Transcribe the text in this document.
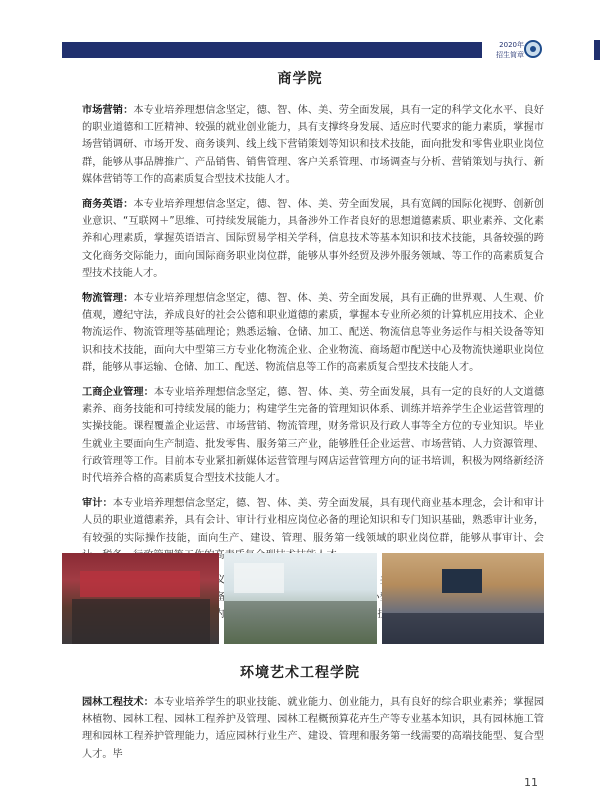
2020年
招生简章
商学院

市场营销：本专业培养理想信念坚定，德、智、体、美、劳全面发展，具有一定的科学文化水平、良好的职业道德和工匠精神、较强的就业创业能力，具有支撑终身发展、适应时代要求的能力素质，掌握市场营销调研、市场开发、商务谈判、线上线下营销策划等知识和技术技能，面向批发和零售业职业岗位群，能够从事品牌推广、产品销售、销售管理、客户关系管理、市场调查与分析、营销策划与执行、新媒体营销等工作的高素质复合型技术技能人才。

商务英语：本专业培养理想信念坚定，德、智、体、美、劳全面发展，具有宽阔的国际化视野、创新创业意识、“互联网＋”思维、可持续发展能力，具备涉外工作者良好的思想道德素质、职业素养、文化素养和心理素质，掌握英语语言、国际贸易学相关学科，信息技术等基本知识和技术技能，具备较强的跨文化商务交际能力，面向国际商务职业岗位群，能够从事外经贸及涉外服务领域、等工作的高素质复合型技术技能人才。

物流管理：本专业培养理想信念坚定，德、智、体、美、劳全面发展，具有正确的世界观、人生观、价值观，遵纪守法，养成良好的社会公德和职业道德的素质，掌握本专业所必须的计算机应用技术、企业物流运作、物流管理等基础理论；熟悉运输、仓储、加工、配送、物流信息等业务运作与相关设备等知识和技术技能，面向大中型第三方专业化物流企业、企业物流、商场超市配送中心及物流快递职业岗位群，能够从事运输、仓储、加工、配送、物流信息等工作的高素质复合型技术技能人才。

工商企业管理：本专业培养理想信念坚定，德、智、体、美、劳全面发展，具有一定的良好的人文道德素养、商务技能和可持续发展的能力；构建学生完备的管理知识体系、训练并培养学生企业运营管理的实操技能。课程覆盖企业运营、市场营销、物流管理，财务常识及行政人事等全方位的专业知识。毕业生就业主要面向生产制造、批发零售、服务第三产业，能够胜任企业运营、市场营销、人力资源管理、行政管理等工作。目前本专业紧扣新媒体运营管理与网店运营管理方向的证书培训，积极为网络新经济时代培养合格的高素质复合型技术技能人才。

审计：本专业培养理想信念坚定，德、智、体、美、劳全面发展，具有现代商业基本理念，会计和审计人员的职业道德素养，具有会计、审计行业相应岗位必备的理论知识和专门知识基础，熟悉审计业务，有较强的实际操作技能，面向生产、建设、管理、服务第一线领域的职业岗位群，能够从事审计、会 作的高素质

环境艺术工程学院

园林工程技术：本专业培养学生的职业技能、就业能力、创业能力，具有良好的综合职业素养；掌握园林植物、园林工程、园林工程养护及管理、园林工程概预算花卉生产等专业基本知识，具有园林施工管理和园林工程养护管理能力，适应园林行业生产、建设、管理和服务第一线需要的高端技能型、复合型人才。毕

11
